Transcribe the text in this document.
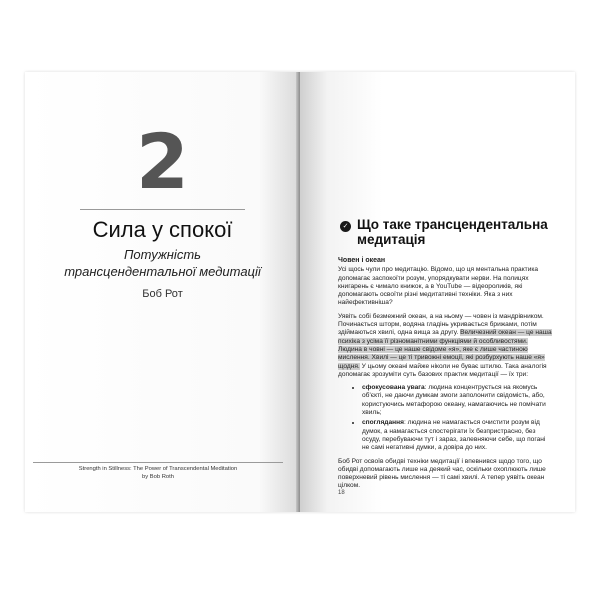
2
Сила у спокої
Потужність
трансцендентальної медитації
Боб Рот
Strength in Stillness: The Power of Transcendental Meditation
by Bob Roth
✓ Що таке трансцендентальна медитація
Човен і океан

Усі щось чули про медитацію. Відомо, що ця ментальна практика допомагає заспокоїти розум, упорядкувати нерви. На полицях книгарень є чимало книжок, а в YouTube — відеороликів, які допомагають освоїти різні медитативні техніки. Яка з них найефективніша?

Уявіть собі безмежний океан, а на ньому — човен із мандрівником. Починається шторм, водяна гладінь укривається брижами, потім здіймаються хвилі, одна вища за другу. Величезний океан — це наша психіка з усіма її різноманітними функціями й особливостями. Людина в човні — це наше свідоме «я», яке є лише частиною мислення. Хвилі — це ті тривожні емоції, які розбурхують наше «я» щодня. У цьому океані майже ніколи не буває штилю. Така аналогія допомагає зрозуміти суть базових практик медитації — їх три:

• сфокусована увага: людина концентрується на якомусь об'єкті, не даючи думкам змоги заполонити свідомість, або, користуючись метафорою океану, намагаючись не помічати хвиль;
• споглядання: людина не намагається очистити розум від думок, а намагається спостерігати їх безпристрасно, без осуду, перебуваючи тут і зараз, залевняючи себе, що погані не самі негативні думки, а довіра до них.

Боб Рот освоїв обидві техніки медитації і впевнився щодо того, що обидві допомагають лише на деякий час, оскільки охоплюють лише поверхневий рівень мислення — ті самі хвилі. А тепер уявіть океан цілком.

18
